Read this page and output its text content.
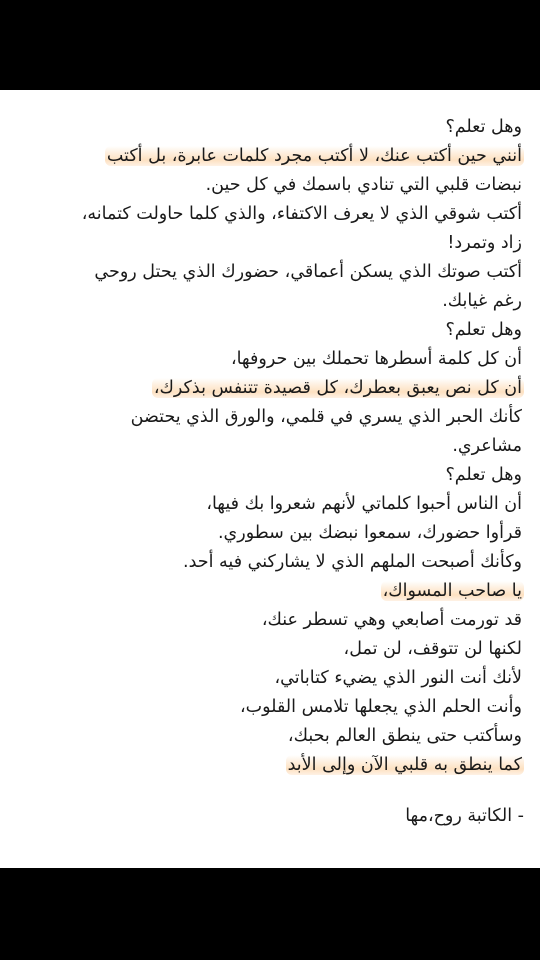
وهل تعلم؟
أنني حين أكتب عنك، لا أكتب مجرد كلمات عابرة، بل أكتب
نبضات قلبي التي تنادي باسمك في كل حين.
أكتب شوقي الذي لا يعرف الاكتفاء، والذي كلما حاولت كتمانه،
زاد وتمرد!
أكتب صوتك الذي يسكن أعماقي، حضورك الذي يحتل روحي
رغم غيابك.
وهل تعلم؟
أن كل كلمة أسطرها تحملك بين حروفها،
أن كل نص يعبق بعطرك، كل قصيدة تتنفس بذكرك،
كأنك الحبر الذي يسري في قلمي، والورق الذي يحتضن
مشاعري.
وهل تعلم؟
أن الناس أحبوا كلماتي لأنهم شعروا بك فيها،
قرأوا حضورك، سمعوا نبضك بين سطوري.
وكأنك أصبحت الملهم الذي لا يشاركني فيه أحد.
يا صاحب المسواك،
قد تورمت أصابعي وهي تسطر عنك،
لكنها لن تتوقف، لن تمل،
لأنك أنت النور الذي يضيء كتاباتي،
وأنت الحلم الذي يجعلها تلامس القلوب،
وسأكتب حتى ينطق العالم بحبك،
كما ينطق به قلبي الآن وإلى الأبد
- الكاتبة روح،مها
